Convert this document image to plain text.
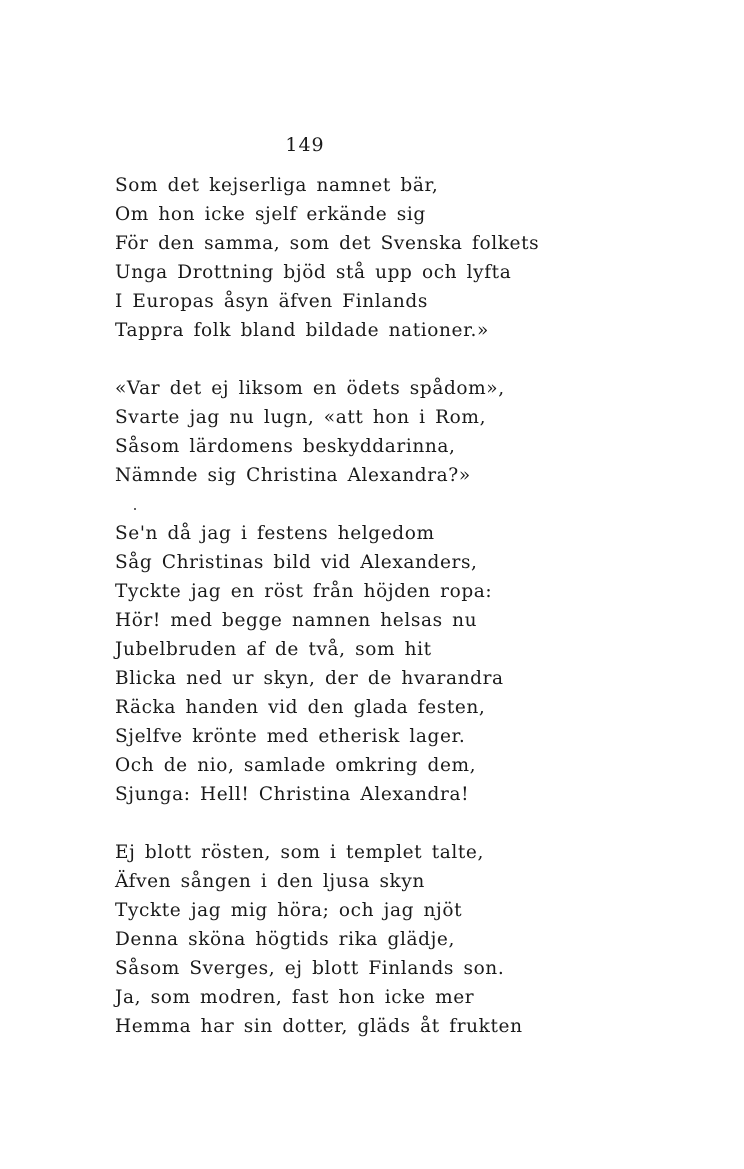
149
Som det kejserliga namnet bär,
Om hon icke sjelf erkände sig
För den samma, som det Svenska folkets
Unga Drottning bjöd stå upp och lyfta
I Europas åsyn äfven Finlands
Tappra folk bland bildade nationer.»
«Var det ej liksom en ödets spådom»,
Svarte jag nu lugn, «att hon i Rom,
Såsom lärdomens beskyddarinna,
Nämnde sig Christina Alexandra?»
Se'n då jag i festens helgedom
Såg Christinas bild vid Alexanders,
Tyckte jag en röst från höjden ropa:
Hör! med begge namnen helsas nu
Jubelbruden af de två, som hit
Blicka ned ur skyn, der de hvarandra
Räcka handen vid den glada festen,
Sjelfve krönte med etherisk lager.
Och de nio, samlade omkring dem,
Sjunga: Hell! Christina Alexandra!
Ej blott rösten, som i templet talte,
Äfven sången i den ljusa skyn
Tyckte jag mig höra; och jag njöt
Denna sköna högtids rika glädje,
Såsom Sverges, ej blott Finlands son.
Ja, som modren, fast hon icke mer
Hemma har sin dotter, gläds åt frukten
